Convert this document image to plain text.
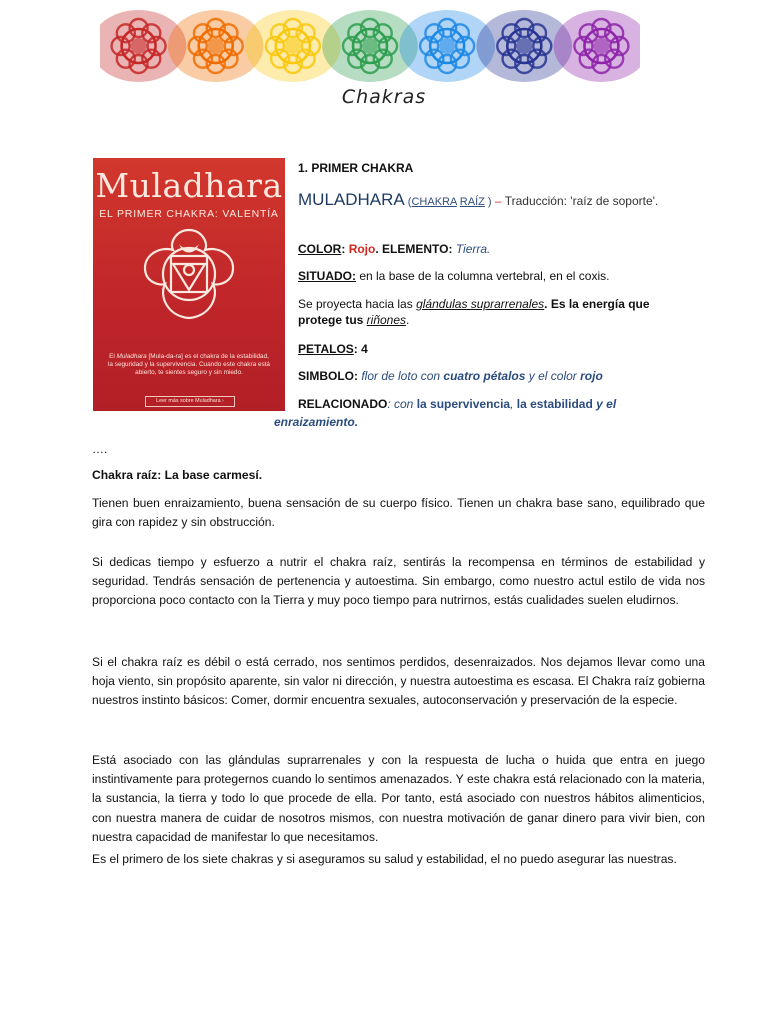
Chakras
Muladhara
EL PRIMER CHAKRA: VALENTÍA
El Muladhara [Mula-da-ra] es el chakra de la estabilidad, la seguridad y la supervivencia. Cuando este chakra está abierto, te sientes seguro y sin miedo.
Leer más sobre Muladhara ›
1. PRIMER CHAKRA
MULADHARA (CHAKRA RAÍZ ) – Traducción: 'raíz de soporte'.
COLOR: Rojo. ELEMENTO: Tierra.
SITUADO: en la base de la columna vertebral, en el coxis.
Se proyecta hacia las glándulas suprarrenales. Es la energía que protege tus riñones.
PETALOS: 4
SIMBOLO: flor de loto con cuatro pétalos y el color rojo
RELACIONADO: con la supervivencia, la estabilidad y el
enraizamiento.
….
Chakra raíz: La base carmesí.
Tienen buen enraizamiento, buena sensación de su cuerpo físico. Tienen un chakra base sano, equilibrado que gira con rapidez y sin obstrucción.
Si dedicas tiempo y esfuerzo a nutrir el chakra raíz, sentirás la recompensa en términos de estabilidad y seguridad. Tendrás sensación de pertenencia y autoestima. Sin embargo, como nuestro actul estilo de vida nos proporciona poco contacto con la Tierra y muy poco tiempo para nutrirnos, estás cualidades suelen eludirnos.
Si el chakra raíz es débil o está cerrado, nos sentimos perdidos, desenraizados. Nos dejamos llevar como una hoja viento, sin propósito aparente, sin valor ni dirección, y nuestra autoestima es escasa. El Chakra raíz gobierna nuestros instinto básicos: Comer, dormir encuentra sexuales, autoconservación y preservación de la especie.
Está asociado con las glándulas suprarrenales y con la respuesta de lucha o huida que entra en juego instintivamente para protegernos cuando lo sentimos amenazados. Y este chakra está relacionado con la materia, la sustancia, la tierra y todo lo que procede de ella. Por tanto, está asociado con nuestros hábitos alimenticios, con nuestra manera de cuidar de nosotros mismos, con nuestra motivación de ganar dinero para vivir bien, con nuestra capacidad de manifestar lo que necesitamos.
Es el primero de los siete chakras y si aseguramos su salud y estabilidad, el no puedo asegurar las nuestras.
